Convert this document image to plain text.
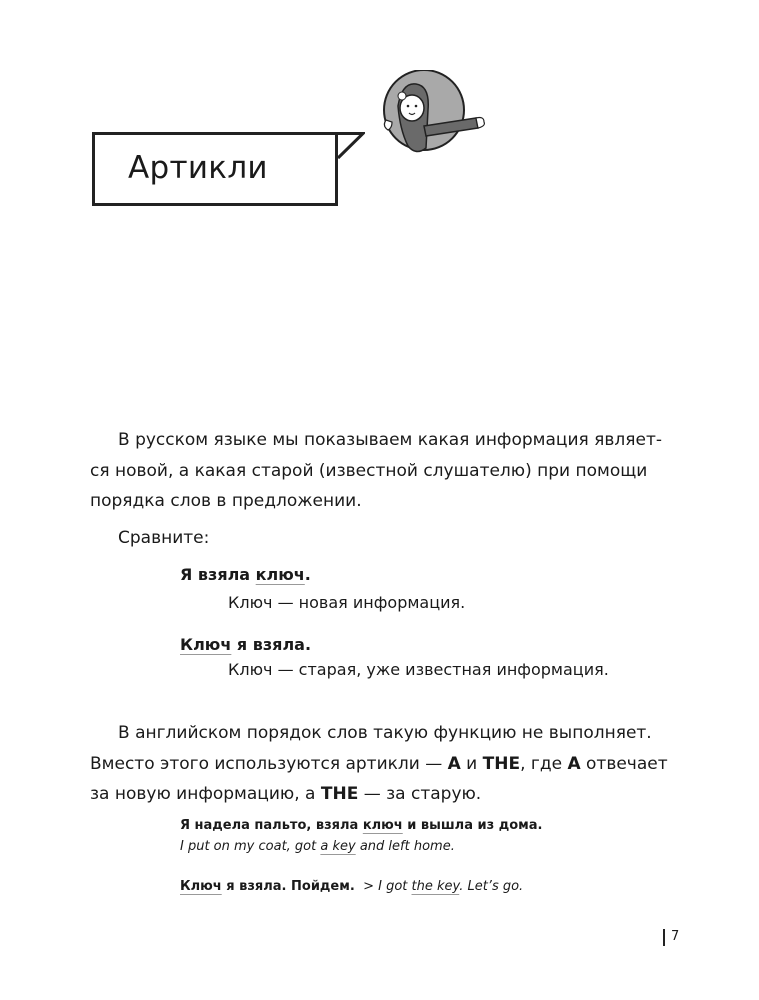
Артикли
В русском языке мы показываем какая информация являет-
ся новой, а какая старой (известной слушателю) при помощи
порядка слов в предложении.
Сравните:
Я взяла ключ.
Ключ — новая информация.
Ключ я взяла.
Ключ — старая, уже известная информация.
В английском порядок слов такую функцию не выполняет.
Вместо этого используются артикли — A и THE, где A отвечает
за новую информацию, а THE — за старую.
Я надела пальто, взяла ключ и вышла из дома.
I put on my coat, got a key and left home.
Ключ я взяла. Пойдем.  > I got the key. Let’s go.
7
